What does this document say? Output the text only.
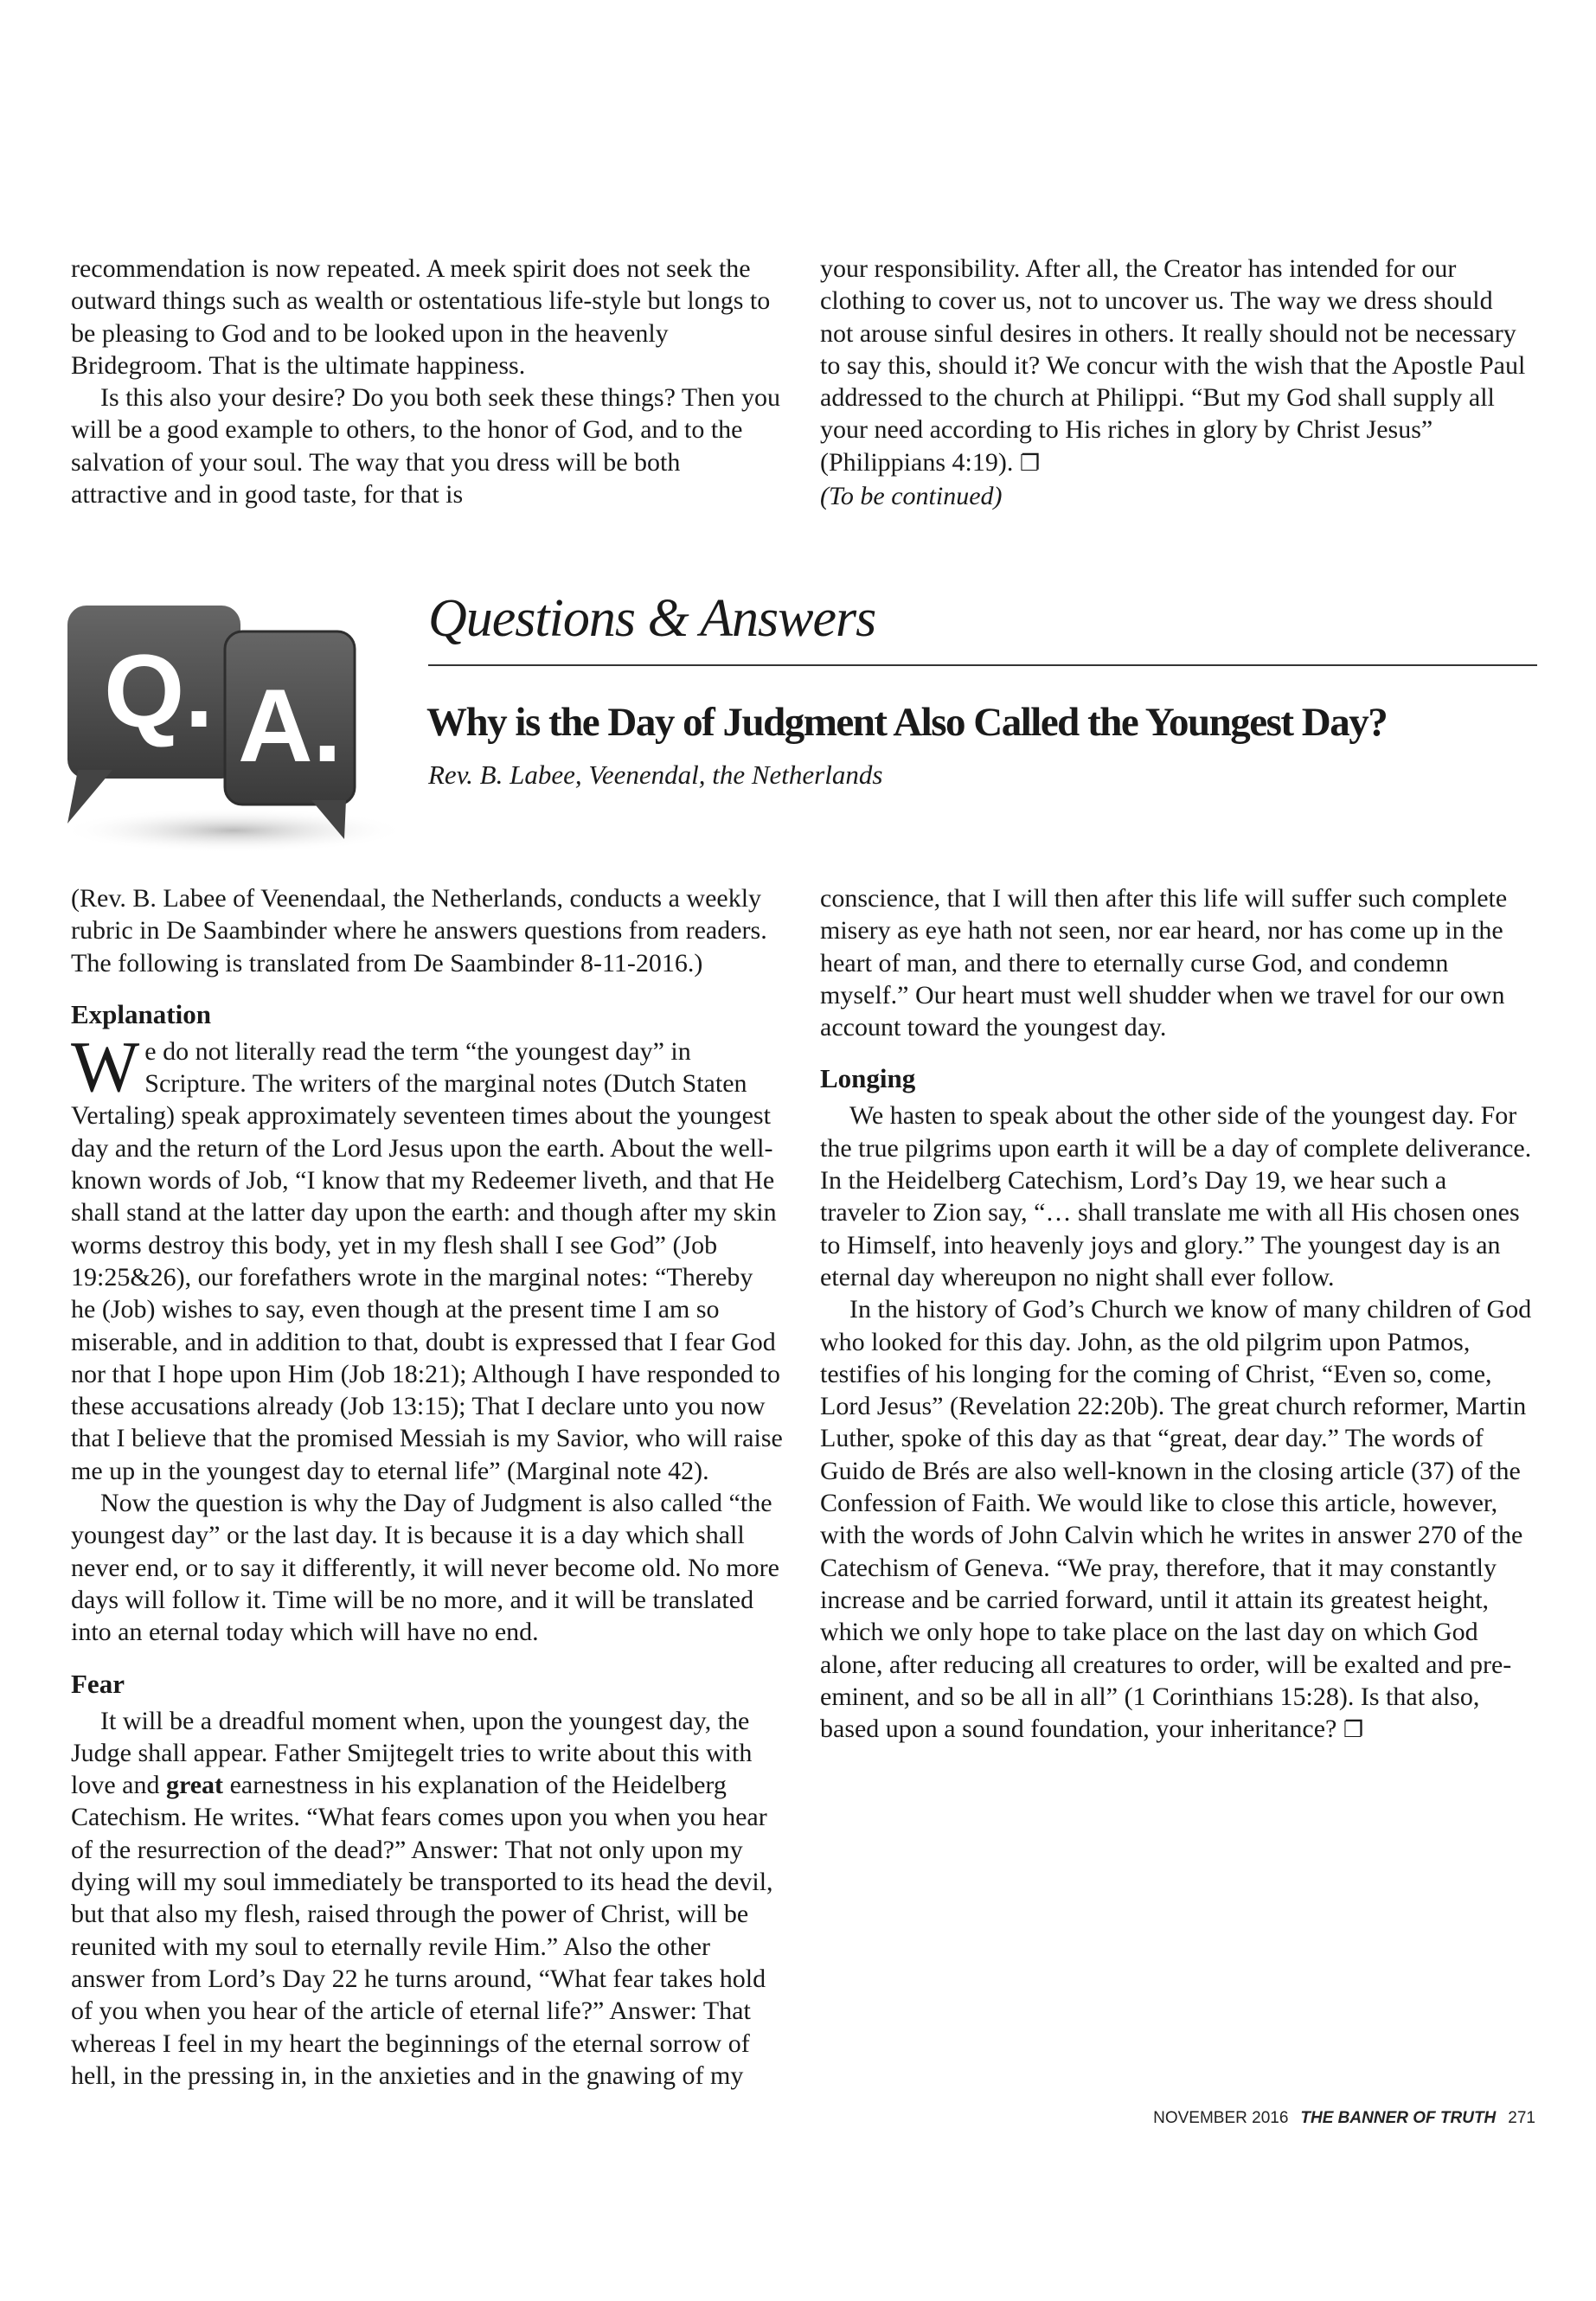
recommendation is now repeated. A meek spirit does not seek the outward things such as wealth or ostentatious life-style but longs to be pleasing to God and to be looked upon in the heavenly Bridegroom. That is the ultimate happiness.

Is this also your desire? Do you both seek these things? Then you will be a good example to others, to the honor of God, and to the salvation of your soul. The way that you dress will be both attractive and in good taste, for that is

your responsibility. After all, the Creator has intended for our clothing to cover us, not to uncover us. The way we dress should not arouse sinful desires in others. It really should not be necessary to say this, should it? We concur with the wish that the Apostle Paul addressed to the church at Philippi. “But my God shall supply all your need according to His riches in glory by Christ Jesus” (Philippians 4:19). ❐

(To be continued)

Q. A.
Questions & Answers
Why is the Day of Judgment Also Called the Youngest Day?
Rev. B. Labee, Veenendal, the Netherlands

(Rev. B. Labee of Veenendaal, the Netherlands, conducts a weekly rubric in De Saambinder where he answers questions from readers. The following is translated from De Saambinder 8-11-2016.)

Explanation

We do not literally read the term “the youngest day” in Scripture. The writers of the marginal notes (Dutch Staten Vertaling) speak approximately seventeen times about the youngest day and the return of the Lord Jesus upon the earth. About the well-known words of Job, “I know that my Redeemer liveth, and that He shall stand at the latter day upon the earth: and though after my skin worms destroy this body, yet in my flesh shall I see God” (Job 19:25&26), our forefathers wrote in the marginal notes: “Thereby he (Job) wishes to say, even though at the present time I am so miserable, and in addition to that, doubt is expressed that I fear God nor that I hope upon Him (Job 18:21); Although I have responded to these accusations already (Job 13:15); That I declare unto you now that I believe that the promised Messiah is my Savior, who will raise me up in the youngest day to eternal life” (Marginal note 42).

Now the question is why the Day of Judgment is also called “the youngest day” or the last day. It is because it is a day which shall never end, or to say it differently, it will never become old. No more days will follow it. Time will be no more, and it will be translated into an eternal today which will have no end.

Fear

It will be a dreadful moment when, upon the youngest day, the Judge shall appear. Father Smijtegelt tries to write about this with love and great earnestness in his explanation of the Heidelberg Catechism. He writes. “What fears comes upon you when you hear of the resurrection of the dead?” Answer: That not only upon my dying will my soul immediately be transported to its head the devil, but that also my flesh, raised through the power of Christ, will be reunited with my soul to eternally revile Him.” Also the other answer from Lord’s Day 22 he turns around, “What fear takes hold of you when you hear of the article of eternal life?” Answer: That whereas I feel in my heart the beginnings of the eternal sorrow of hell, in the pressing in, in the anxieties and in the gnawing of my

conscience, that I will then after this life will suffer such complete misery as eye hath not seen, nor ear heard, nor has come up in the heart of man, and there to eternally curse God, and condemn myself.” Our heart must well shudder when we travel for our own account toward the youngest day.

Longing

We hasten to speak about the other side of the youngest day. For the true pilgrims upon earth it will be a day of complete deliverance. In the Heidelberg Catechism, Lord’s Day 19, we hear such a traveler to Zion say, “… shall translate me with all His chosen ones to Himself, into heavenly joys and glory.” The youngest day is an eternal day whereupon no night shall ever follow.

In the history of God’s Church we know of many children of God who looked for this day. John, as the old pilgrim upon Patmos, testifies of his longing for the coming of Christ, “Even so, come, Lord Jesus” (Revelation 22:20b). The great church reformer, Martin Luther, spoke of this day as that “great, dear day.” The words of Guido de Brés are also well-known in the closing article (37) of the Confession of Faith. We would like to close this article, however, with the words of John Calvin which he writes in answer 270 of the Catechism of Geneva. “We pray, therefore, that it may constantly increase and be carried forward, until it attain its greatest height, which we only hope to take place on the last day on which God alone, after reducing all creatures to order, will be exalted and pre-eminent, and so be all in all” (1 Corinthians 15:28). Is that also, based upon a sound foundation, your inheritance? ❐

NOVEMBER 2016 THE BANNER OF TRUTH 271
